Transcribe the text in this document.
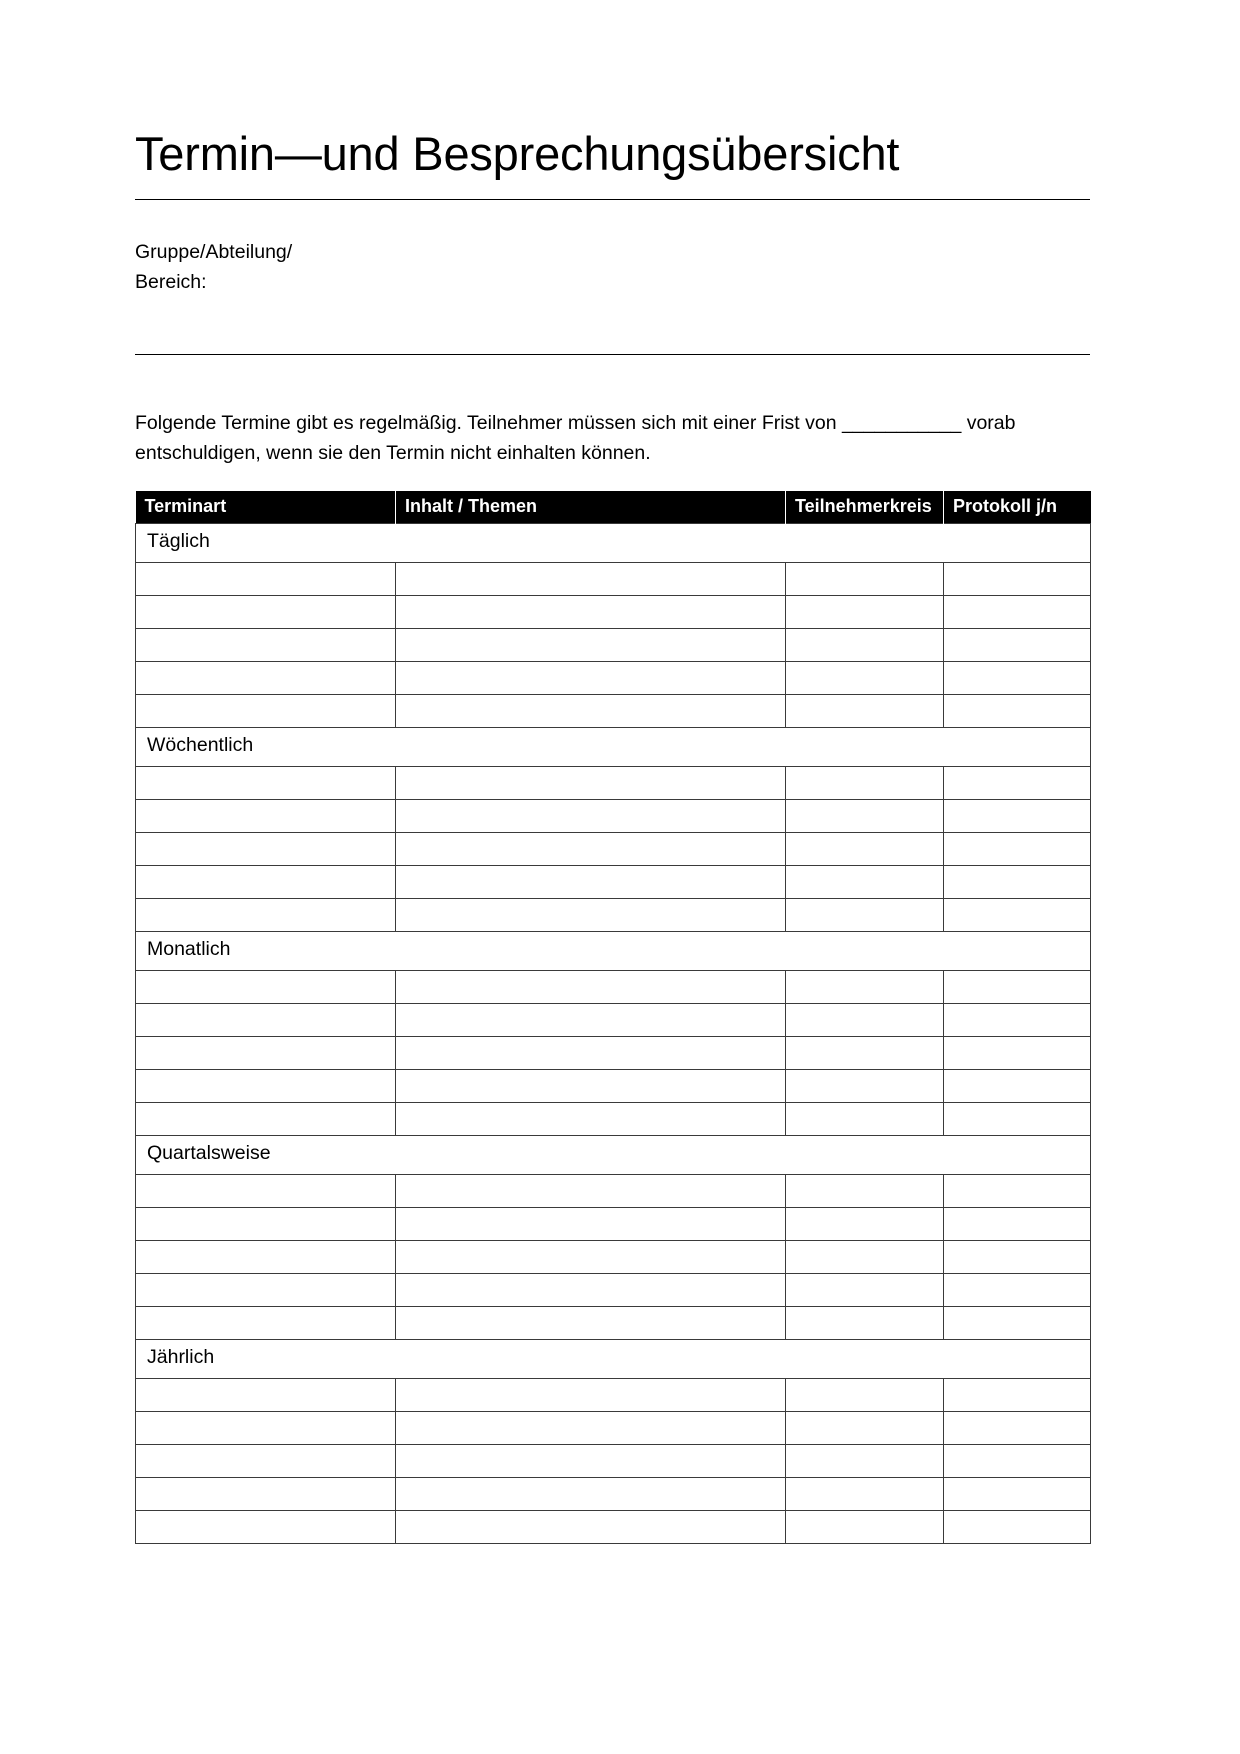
Termin—und Besprechungsübersicht
Gruppe/Abteilung/
Bereich:

Folgende Termine gibt es regelmäßig. Teilnehmer müssen sich mit einer Frist von ___________ vorab entschuldigen, wenn sie den Termin nicht einhalten können.

Terminart	Inhalt / Themen	Teilnehmerkreis	Protokoll j/n
Täglich			

Wöchentlich			

Monatlich			

Quartalsweise			

Jährlich			
